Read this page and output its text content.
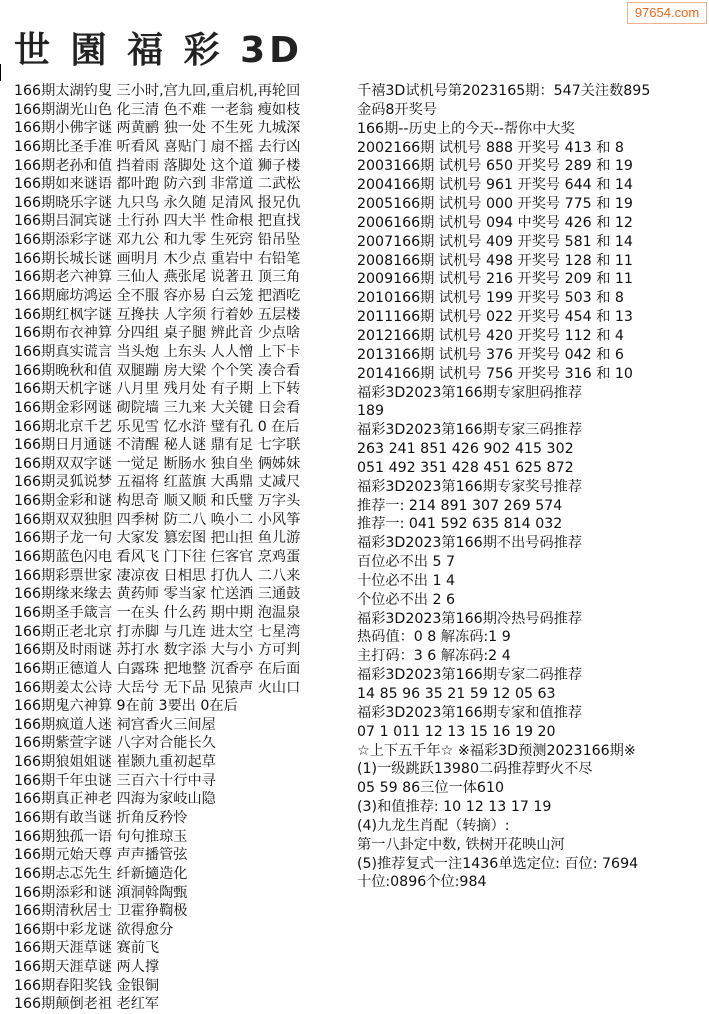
世 園 福 彩 3D
97654.com
166期太湖钓叟 三小时,宫九回,重启机,再轮回
166期湖光山色 化三清 色不难 一老翁 瘦如枝
166期小佛字谜 两黄鹂 独一处 不生死 九城深
166期比圣手准 听看风 喜贴门 扇不摇 去行凶
166期老孙和值 挡着雨 落脚处 这个道 狮子楼
166期如来谜语 都叶跑 防六到 非常道 二武松
166期晓乐字谜 九只鸟 永久随 足清风 报兄仇
166期吕洞宾谜 土行孙 四大半 性命根 把直找
166期添彩字谜 邓九公 和九零 生死窍 铅吊坠
166期长城长谜 画明月 木少点 重岩中 右铅笔
166期老六神算 三仙人 燕张尾 说著丑 顶三角
166期廊坊鸿运 全不服 容亦易 白云笼 把酒吃
166期红枫字谜 互搀扶 人字须 行着妙 五层楼
166期布衣神算 分四组 桌子腿 辨此音 少点啥
166期真实谎言 当头炮 上东头 人人憎 上下卡
166期晚秋和值 双腿蹦 房大梁 个个笑 凑合看
166期天机字谜 八月里 残月处 有子期 上下转
166期金彩网谜 砌院墙 三九来 大关键 日会看
166期北京千艺 乐见雪 忆水浒 璧有孔 0 在后
166期日月通谜 不清醒 秘人谜 鼎有足 七字联
166期双双字谜 一觉足 断肠水 独自坐 俩姊妹
166期灵狐说梦 五福将 红蓝旗 大禹鼎 丈减尺
166期金彩和谜 构思奇 顺又顺 和氏璧 万字头
166期双双独胆 四季树 防二八 唤小二 小风筝
166期子龙一句 大家发 篡宏图 把山担 鱼儿游
166期蓝色闪电 看风飞 门下往 仨客官 烹鸡蛋
166期彩票世家 凄凉夜 日相思 打仇人 二八来
166期缘来缘去 黄药师 零当家 忙送酒 三通鼓
166期圣手箴言 一在头 什么药 期中期 泡温泉
166期正老北京 打赤脚 与几连 进太空 七星湾
166期及时雨谜 苏打水 数字添 大与小 方可判
166期正德道人 白露珠 把地整 沉香亭 在后面
166期姜太公诗 大岳兮 无下品 见猿声 火山口
166期鬼六神算 9在前 3要出 0在后
166期疯道人迷 祠宫香火三间屋
166期紫萱字谜 八字对合能长久
166期狼姐姐谜 崔颢九重初起草
166期千年虫谜 三百六十行中寻
166期真正神老 四海为家岐山隐
166期有敢当谜 折角反矜怜
166期独孤一语 句句推琼玉
166期元始天尊 声声播管弦
166期忐忑先生 纤新擿造化
166期添彩和谜 澒洞斡陶甄
166期清秋居士 卫霍狰鞫极
166期中彩龙谜 欲得愈分
166期天涯草谜 赛前飞
166期天涯草谜 两人撑
166期春阳奖钱 金银铜
166期颠倒老祖 老红军
千禧3D试机号第2023165期：547关注数895
金码8开奖号
166期--历史上的今天--帮你中大奖
2002166期 试机号 888 开奖号 413 和 8
2003166期 试机号 650 开奖号 289 和 19
2004166期 试机号 961 开奖号 644 和 14
2005166期 试机号 000 开奖号 775 和 19
2006166期 试机号 094 中奖号 426 和 12
2007166期 试机号 409 开奖号 581 和 14
2008166期 试机号 498 开奖号 128 和 11
2009166期 试机号 216 开奖号 209 和 11
2010166期 试机号 199 开奖号 503 和 8
2011166期 试机号 022 开奖号 454 和 13
2012166期 试机号 420 开奖号 112 和 4
2013166期 试机号 376 开奖号 042 和 6
2014166期 试机号 756 开奖号 316 和 10
福彩3D2023第166期专家胆码推荐
189
福彩3D2023第166期专家三码推荐
263 241 851 426 902 415 302
051 492 351 428 451 625 872
福彩3D2023第166期专家奖号推荐
推荐一: 214 891 307 269 574
推荐一: 041 592 635 814 032
福彩3D2023第166期不出号码推荐
百位必不出 5 7
十位必不出 1 4
个位必不出 2 6
福彩3D2023第166期冷热号码推荐
热码值：0 8 解冻码:1 9
主打码：3 6 解冻码:2 4
福彩3D2023第166期专家二码推荐
14 85 96 35 21 59 12 05 63
福彩3D2023第166期专家和值推荐
07 1 011 12 13 15 16 19 20
☆上下五千年☆ ※福彩3D预测2023166期※
(1)一级跳跃13980二码推荐野火不尽
05 59 86三位一体610
(3)和值推荐: 10 12 13 17 19
(4)九龙生肖配（转摘）:
第一八卦定中数, 铁树开花映山河
(5)推荐复式一注1436单选定位: 百位: 7694
十位:0896个位:984
